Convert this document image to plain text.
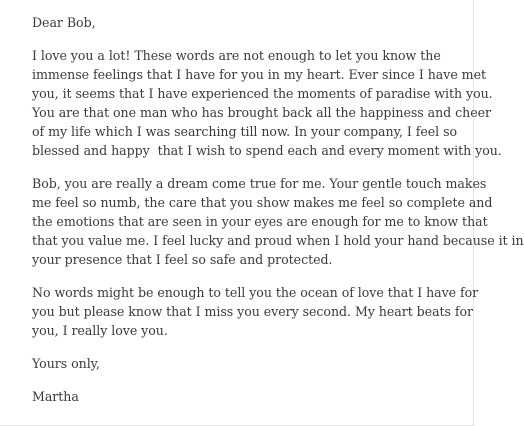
Dear Bob,
I love you a lot! These words are not enough to let you know the
immense feelings that I have for you in my heart. Ever since I have met
you, it seems that I have experienced the moments of paradise with you.
You are that one man who has brought back all the happiness and cheer
of my life which I was searching till now. In your company, I feel so
blessed and happy  that I wish to spend each and every moment with you.
Bob, you are really a dream come true for me. Your gentle touch makes
me feel so numb, the care that you show makes me feel so complete and
the emotions that are seen in your eyes are enough for me to know that
that you value me. I feel lucky and proud when I hold your hand because it in
your presence that I feel so safe and protected.
No words might be enough to tell you the ocean of love that I have for
you but please know that I miss you every second. My heart beats for
you, I really love you.
Yours only,
Martha
